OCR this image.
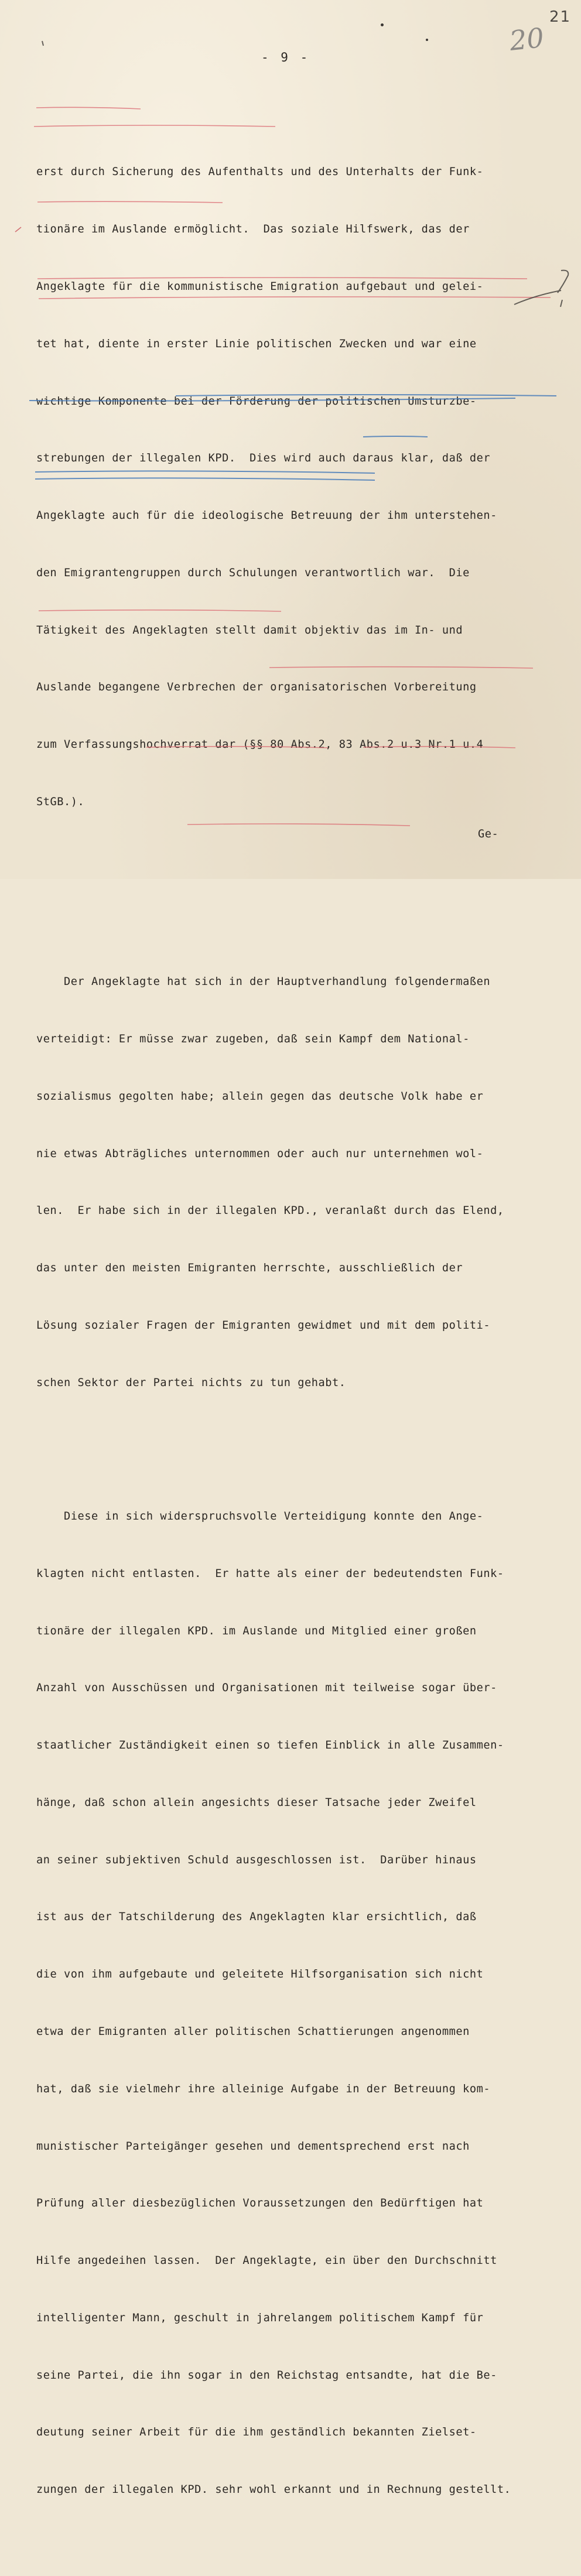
21
20
- 9 -

erst durch Sicherung des Aufenthalts und des Unterhalts der Funk-

tionäre im Auslande ermöglicht.  Das soziale Hilfswerk, das der

Angeklagte für die kommunistische Emigration aufgebaut und gelei-

tet hat, diente in erster Linie politischen Zwecken und war eine

wichtige Komponente bei der Förderung der politischen Umsturzbe-

strebungen der illegalen KPD.  Dies wird auch daraus klar, daß der

Angeklagte auch für die ideologische Betreuung der ihm unterstehen-

den Emigrantengruppen durch Schulungen verantwortlich war.  Die

Tätigkeit des Angeklagten stellt damit objektiv das im In- und

Auslande begangene Verbrechen der organisatorischen Vorbereitung

zum Verfassungshochverrat dar (§§ 80 Abs.2, 83 Abs.2 u.3 Nr.1 u.4

StGB.).

Der Angeklagte hat sich in der Hauptverhandlung folgendermaßen

verteidigt: Er müsse zwar zugeben, daß sein Kampf dem National-

sozialismus gegolten habe; allein gegen das deutsche Volk habe er

nie etwas Abträgliches unternommen oder auch nur unternehmen wol-

len.  Er habe sich in der illegalen KPD., veranlaßt durch das Elend,

das unter den meisten Emigranten herrschte, ausschließlich der

Lösung sozialer Fragen der Emigranten gewidmet und mit dem politi-

schen Sektor der Partei nichts zu tun gehabt.

Diese in sich widerspruchsvolle Verteidigung konnte den Ange-

klagten nicht entlasten.  Er hatte als einer der bedeutendsten Funk-

tionäre der illegalen KPD. im Auslande und Mitglied einer großen

Anzahl von Ausschüssen und Organisationen mit teilweise sogar über-

staatlicher Zuständigkeit einen so tiefen Einblick in alle Zusammen-

hänge, daß schon allein angesichts dieser Tatsache jeder Zweifel

an seiner subjektiven Schuld ausgeschlossen ist.  Darüber hinaus

ist aus der Tatschilderung des Angeklagten klar ersichtlich, daß

die von ihm aufgebaute und geleitete Hilfsorganisation sich nicht

etwa der Emigranten aller politischen Schattierungen angenommen

hat, daß sie vielmehr ihre alleinige Aufgabe in der Betreuung kom-

munistischer Parteigänger gesehen und dementsprechend erst nach

Prüfung aller diesbezüglichen Voraussetzungen den Bedürftigen hat

Hilfe angedeihen lassen.  Der Angeklagte, ein über den Durchschnitt

intelligenter Mann, geschult in jahrelangem politischem Kampf für

seine Partei, die ihn sogar in den Reichstag entsandte, hat die Be-

deutung seiner Arbeit für die ihm geständlich bekannten Zielset-

zungen der illegalen KPD. sehr wohl erkannt und in Rechnung gestellt.

Ge-
